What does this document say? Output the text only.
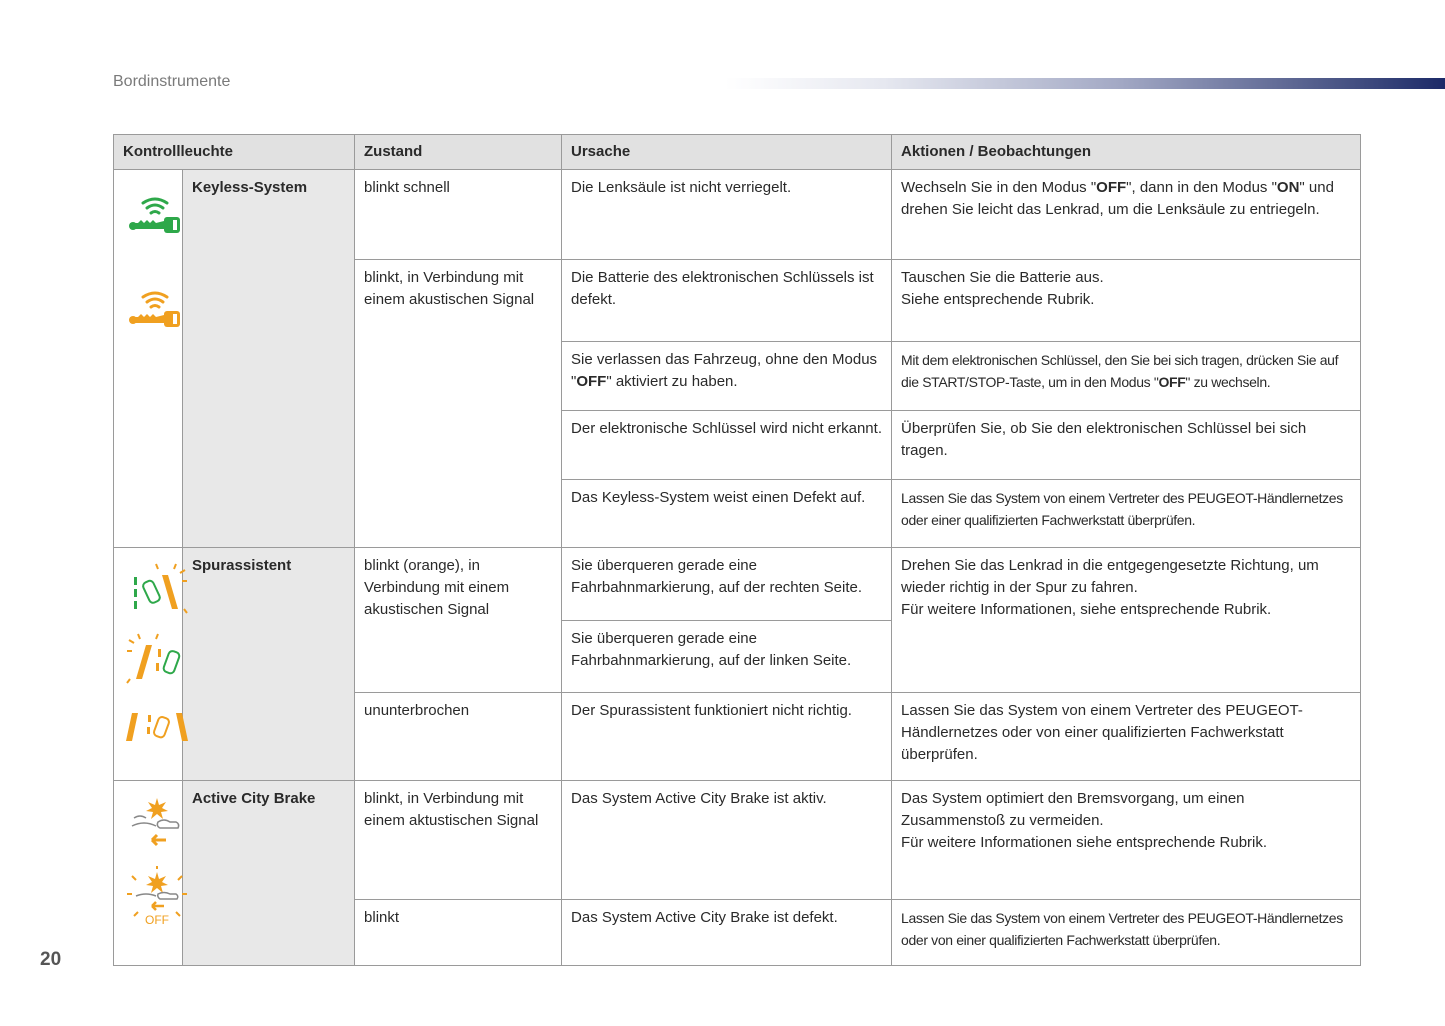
Bordinstrumente
Kontrollleuchte		Zustand	Ursache	Aktionen / Beobachtungen

	Keyless-System	blinkt schnell	Die Lenksäule ist nicht verriegelt.	Wechseln Sie in den Modus "OFF", dann in den Modus "ON" und drehen Sie leicht das Lenkrad, um die Lenksäule zu entriegeln.
		blinkt, in Verbindung mit einem akustischen Signal	Die Batterie des elektronischen Schlüssels ist defekt.	Tauschen Sie die Batterie aus.
Siehe entsprechende Rubrik.

			Sie verlassen das Fahrzeug, ohne den Modus "OFF" aktiviert zu haben.	Mit dem elektronischen Schlüssel, den Sie bei sich tragen, drücken Sie auf die START/STOP-Taste, um in den Modus "OFF" zu wechseln.
			Der elektronische Schlüssel wird nicht erkannt.	Überprüfen Sie, ob Sie den elektronischen Schlüssel bei sich tragen.
			Das Keyless-System weist einen Defekt auf.	Lassen Sie das System von einem Vertreter des PEUGEOT-Händlernetzes oder einer qualifizierten Fachwerkstatt überprüfen.

	Spurassistent	blinkt (orange), in Verbindung mit einem akustischen Signal	Sie überqueren gerade eine Fahrbahnmarkierung, auf der rechten Seite.	Drehen Sie das Lenkrad in die entgegengesetzte Richtung, um wieder richtig in der Spur zu fahren.
Für weitere Informationen, siehe entsprechende Rubrik.

			Sie überqueren gerade eine Fahrbahnmarkierung, auf der linken Seite.	
		ununterbrochen	Der Spurassistent funktioniert nicht richtig.	Lassen Sie das System von einem Vertreter des PEUGEOT-Händlernetzes oder von einer qualifizierten Fachwerkstatt überprüfen.

OFF	Active City Brake	blinkt, in Verbindung mit einem aktustischen Signal	Das System Active City Brake ist aktiv.	Das System optimiert den Bremsvorgang, um einen Zusammenstoß zu vermeiden.
Für weitere Informationen siehe entsprechende Rubrik.

		blinkt	Das System Active City Brake ist defekt.	Lassen Sie das System von einem Vertreter des PEUGEOT-Händlernetzes oder von einer qualifizierten Fachwerkstatt überprüfen.
20
